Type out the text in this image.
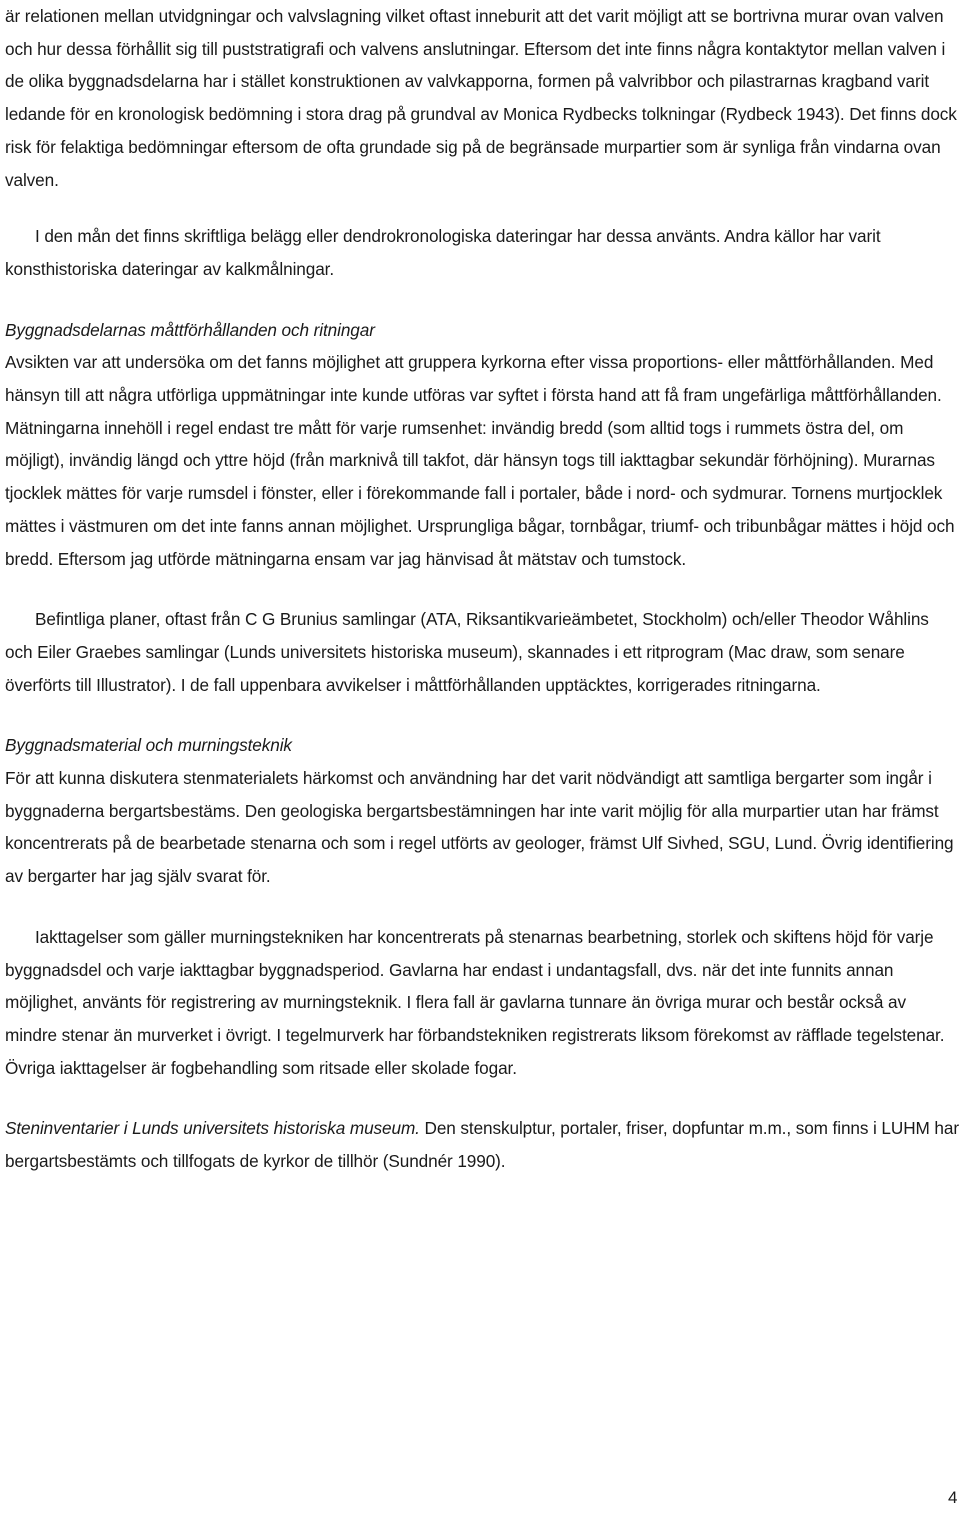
är relationen mellan utvidgningar och valvslagning vilket oftast inneburit att det varit möjligt att se bortrivna murar ovan valven och hur dessa förhållit sig till puststratigrafi och valvens anslutningar. Eftersom det inte finns några kontaktytor mellan valven i de olika byggnadsdelarna har i stället konstruktionen av valvkapporna, formen på valvribbor och pilastrarnas kragband varit ledande för en kronologisk bedömning i stora drag på grundval av Monica Rydbecks tolkningar (Rydbeck 1943). Det finns dock risk för felaktiga bedömningar eftersom de ofta grundade sig på de begränsade murpartier som är synliga från vindarna ovan valven.

I den mån det finns skriftliga belägg eller dendrokronologiska dateringar har dessa använts. Andra källor har varit konsthistoriska dateringar av kalkmålningar.

Byggnadsdelarnas måttförhållanden och ritningar

Avsikten var att undersöka om det fanns möjlighet att gruppera kyrkorna efter vissa proportions- eller måttförhållanden. Med hänsyn till att några utförliga uppmätningar inte kunde utföras var syftet i första hand att få fram ungefärliga måttförhållanden. Mätningarna innehöll i regel endast tre mått för varje rumsenhet: invändig bredd (som alltid togs i rummets östra del, om möjligt), invändig längd och yttre höjd (från marknivå till takfot, där hänsyn togs till iakttagbar sekundär förhöjning). Murarnas tjocklek mättes för varje rumsdel i fönster, eller i förekommande fall i portaler, både i nord- och sydmurar. Tornens murtjocklek mättes i västmuren om det inte fanns annan möjlighet. Ursprungliga bågar, tornbågar, triumf- och tribunbågar mättes i höjd och bredd. Eftersom jag utförde mätningarna ensam var jag hänvisad åt mätstav och tumstock.

Befintliga planer, oftast från C G Brunius samlingar (ATA, Riksantikvarieämbetet, Stockholm) och/eller Theodor Wåhlins och Eiler Graebes samlingar (Lunds universitets historiska museum), skannades i ett ritprogram (Mac draw, som senare överförts till Illustrator). I de fall uppenbara avvikelser i måttförhållanden upptäcktes, korrigerades ritningarna.

Byggnadsmaterial och murningsteknik

För att kunna diskutera stenmaterialets härkomst och användning har det varit nödvändigt att samtliga bergarter som ingår i byggnaderna bergartsbestäms. Den geologiska bergartsbestämningen har inte varit möjlig för alla murpartier utan har främst koncentrerats på de bearbetade stenarna och som i regel utförts av geologer, främst Ulf Sivhed, SGU, Lund. Övrig identifiering av bergarter har jag själv svarat för.

Iakttagelser som gäller murningstekniken har koncentrerats på stenarnas bearbetning, storlek och skiftens höjd för varje byggnadsdel och varje iakttagbar byggnadsperiod. Gavlarna har endast i undantagsfall, dvs. när det inte funnits annan möjlighet, använts för registrering av murningsteknik. I flera fall är gavlarna tunnare än övriga murar och består också av mindre stenar än murverket i övrigt. I tegelmurverk har förbandstekniken registrerats liksom förekomst av räfflade tegelstenar. Övriga iakttagelser är fogbehandling som ritsade eller skolade fogar.

Steninventarier i Lunds universitets historiska museum. Den stenskulptur, portaler, friser, dopfuntar m.m., som finns i LUHM har bergartsbestämts och tillfogats de kyrkor de tillhör (Sundnér 1990).

4
